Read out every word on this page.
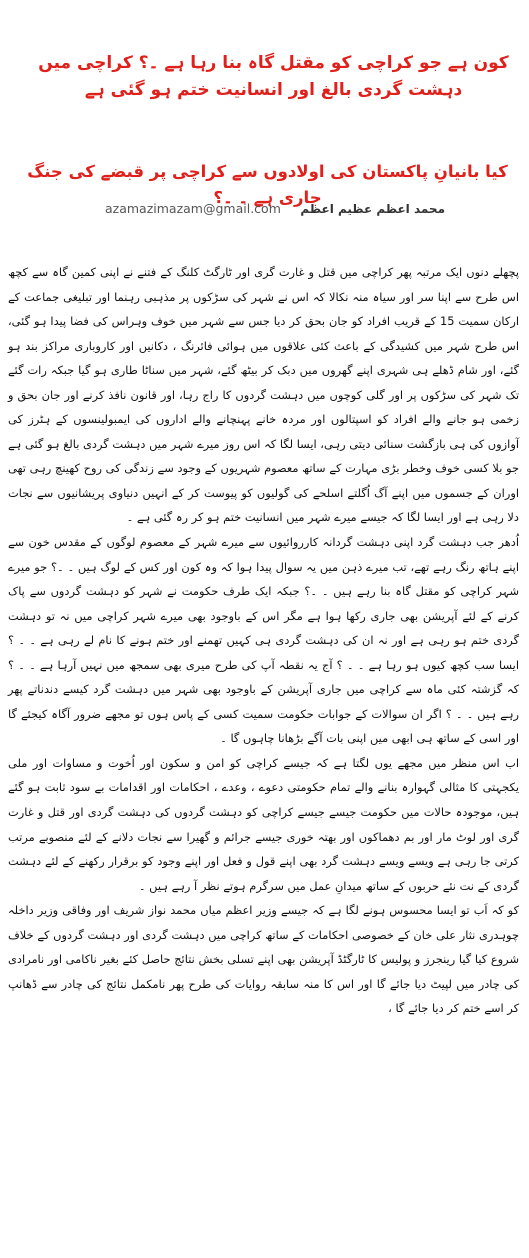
کون ہے جو کراچی کو مقتل گاہ بنا رہا ہے ۔؟ کراچی میں دہشت گردی بالغ اور انسانیت ختم ہو گئی ہے
کیا بانیانِ پاکستان کی اولادوں سے کراچی پر قبضے کی جنگ جاری ہے ۔ ۔؟
azamazimazam@gmail.com محمد اعظم عظیم اعظم

پچھلے دنوں ایک مرتبہ پھر کراچی میں قتل و غارت گری اور ٹارگٹ کلنگ کے فتنے نے اپنی کمین گاہ سے کچھ اس طرح سے اپنا سر اور سیاہ منہ نکالا کہ اس نے شہر کی سڑکوں پر مذہبی رہنما اور تبلیغی جماعت کے ارکان سمیت 15 کے قریب افراد کو جان بحق کر دیا جس سے شہر میں خوف وہراس کی فضا پیدا ہو گئی، اس طرح شہر میں کشیدگی کے باعث کئی علاقوں میں ہوائی فائرنگ ، دکانیں اور کاروباری مراکز بند ہو گئے، اور شام ڈھلے ہی شہری اپنے گھروں میں دبک کر بیٹھ گئے، شہر میں سناٹا طاری ہو گیا جبکہ رات گئے تک شہر کی سڑکوں پر اور گلی کوچوں میں دہشت گردوں کا راج رہا، اور قانون نافذ کرنے اور جان بحق و زخمی ہو جانے والے افراد کو اسپتالوں اور مردہ خانے پہنچانے والے اداروں کی ایمبولینسوں کے ہٹرز کی آوازوں کی ہی بازگشت سنائی دیتی رہی، ایسا لگا کہ اس روز میرے شہر میں دہشت گردی بالغ ہو گئی ہے جو بلا کسی خوف وخطر بڑی مہارت کے ساتھ معصوم شہریوں کے وجود سے زندگی کی روح کھینچ رہی تھی اوران کے جسموں میں اپنے آگ اُگلتے اسلحے کی گولیوں کو پیوست کر کے انہیں دنیاوی پریشانیوں سے نجات دلا رہی ہے اور ایسا لگا کہ جیسے میرے شہر میں انسانیت ختم ہو کر رہ گئی ہے ۔

اُدھر جب دہشت گرد اپنی دہشت گردانہ کارروائیوں سے میرے شہر کے معصوم لوگوں کے مقدس خون سے اپنے ہاتھ رنگ رہے تھے، تب میرے ذہن میں یہ سوال پیدا ہوا کہ وہ کون اور کس کے لوگ ہیں ۔ ۔؟ جو میرے شہر کراچی کو مقتل گاہ بنا رہے ہیں ۔ ۔؟ جبکہ ایک طرف حکومت نے شہر کو دہشت گردوں سے پاک کرنے کے لئے آپریشن بھی جاری رکھا ہوا ہے مگر اس کے باوجود بھی میرے شہر کراچی میں نہ تو دہشت گردی ختم ہو رہی ہے اور نہ ان کی دہشت گردی ہی کہیں تھمنے اور ختم ہونے کا نام لے رہی ہے ۔ ۔ ؟ ایسا سب کچھ کیوں ہو رہا ہے ۔ ۔ ؟ آج یہ نقطہ آپ کی طرح میری بھی سمجھ میں نہیں آرہا ہے ۔ ۔ ؟ کہ گزشتہ کئی ماہ سے کراچی میں جاری آپریشن کے باوجود بھی شہر میں دہشت گرد کیسے دندناتے پھر رہے ہیں ۔ ۔ ؟ اگر ان سوالات کے جوابات حکومت سمیت کسی کے پاس ہوں تو مجھے ضرور آگاہ کیجئے گا اور اسی کے ساتھ ہی ابھی میں اپنی بات آگے بڑھانا چاہوں گا ۔

اب اس منظر میں مجھے یوں لگتا ہے کہ جیسے کراچی کو امن و سکون اور اُخوت و مساوات اور ملی یکجہتی کا مثالی گہوارہ بنانے والے تمام حکومتی دعوے ، وعدے ، احکامات اور اقدامات بے سود ثابت ہو گئے ہیں، موجودہ حالات میں حکومت جیسے جیسے کراچی کو دہشت گردوں کی دہشت گردی اور قتل و غارت گری اور لوٹ مار اور بم دھماکوں اور بھتہ خوری جیسے جرائم و گھیرا سے نجات دلانے کے لئے منصوبے مرتب کرتی جا رہی ہے ویسے ویسے دہشت گرد بھی اپنے قول و فعل اور اپنے وجود کو برقرار رکھنے کے لئے دہشت گردی کے نت نئے حربوں کے ساتھ میدانِ عمل میں سرگرم ہوتے نظر آ رہے ہیں ۔

کو کہ اَب تو ایسا محسوس ہونے لگا ہے کہ جیسے وزیر اعظم میاں محمد نواز شریف اور وفاقی وزیر داخلہ چوہدری نثار علی خان کے خصوصی احکامات کے ساتھ کراچی میں دہشت گردی اور دہشت گردوں کے خلاف شروع کیا گیا رینجرز و پولیس کا ٹارگٹڈ آپریشن بھی اپنے تسلی بخش نتائج حاصل کئے بغیر ناکامی اور نامرادی کی چادر میں لپیٹ دیا جائے گا اور اس کا منہ سابقہ روایات کی طرح پھر نامکمل نتائج کی چادر سے ڈھانپ کر اسے ختم کر دیا جائے گا ،
